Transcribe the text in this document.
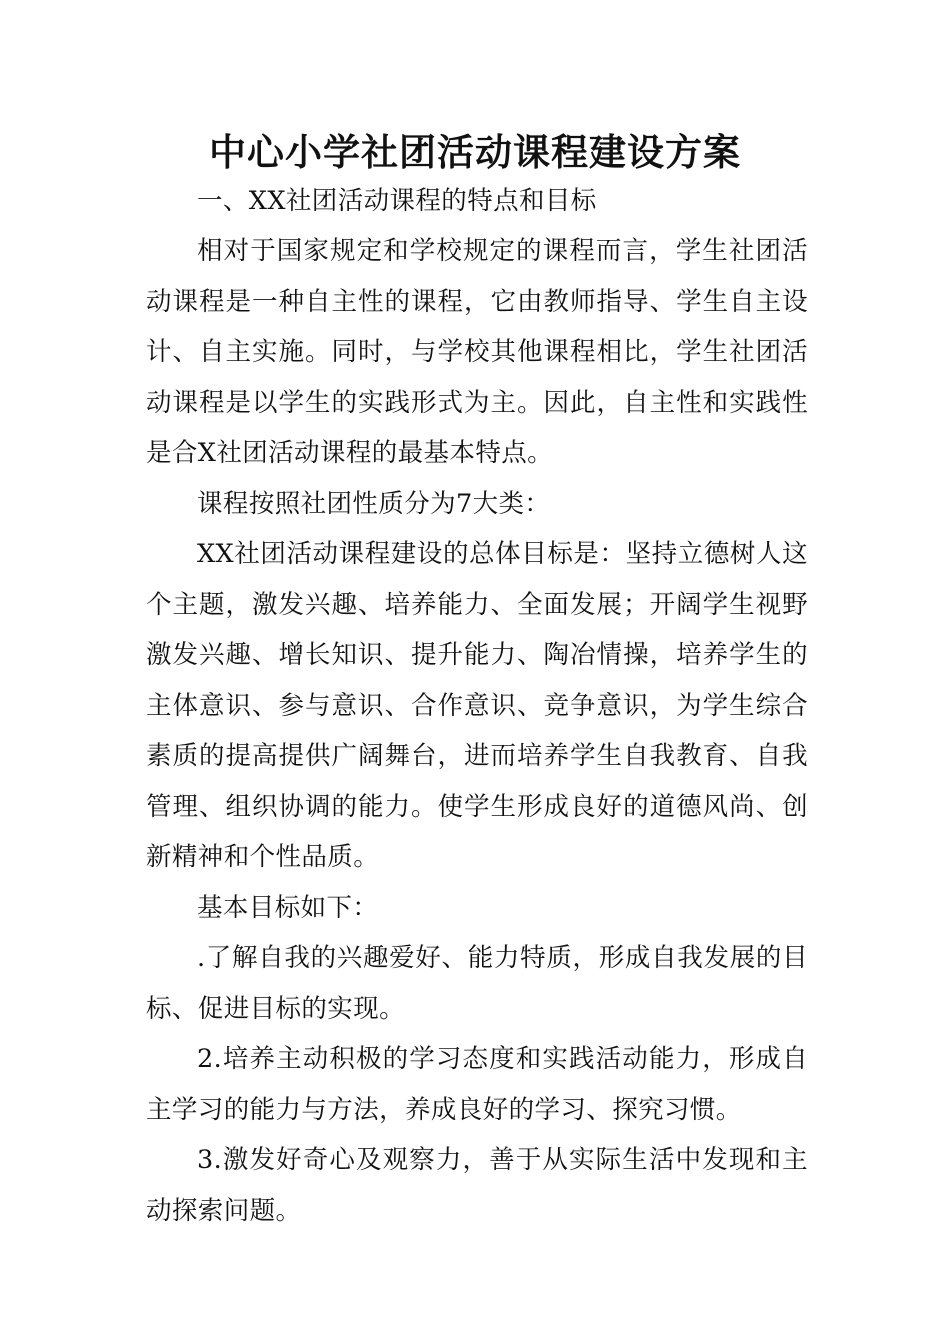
中心小学社团活动课程建设方案

一、XX社团活动课程的特点和目标

相对于国家规定和学校规定的课程而言，学生社团活动课程是一种自主性的课程，它由教师指导、学生自主设计、自主实施。同时，与学校其他课程相比，学生社团活动课程是以学生的实践形式为主。因此，自主性和实践性是合X社团活动课程的最基本特点。

课程按照社团性质分为7大类：

XX社团活动课程建设的总体目标是：坚持立德树人这个主题，激发兴趣、培养能力、全面发展；开阔学生视野激发兴趣、增长知识、提升能力、陶冶情操，培养学生的主体意识、参与意识、合作意识、竞争意识，为学生综合素质的提高提供广阔舞台，进而培养学生自我教育、自我管理、组织协调的能力。使学生形成良好的道德风尚、创新精神和个性品质。

基本目标如下：

.了解自我的兴趣爱好、能力特质，形成自我发展的目标、促进目标的实现。

2.培养主动积极的学习态度和实践活动能力，形成自主学习的能力与方法，养成良好的学习、探究习惯。

3.激发好奇心及观察力，善于从实际生活中发现和主动探索问题。
